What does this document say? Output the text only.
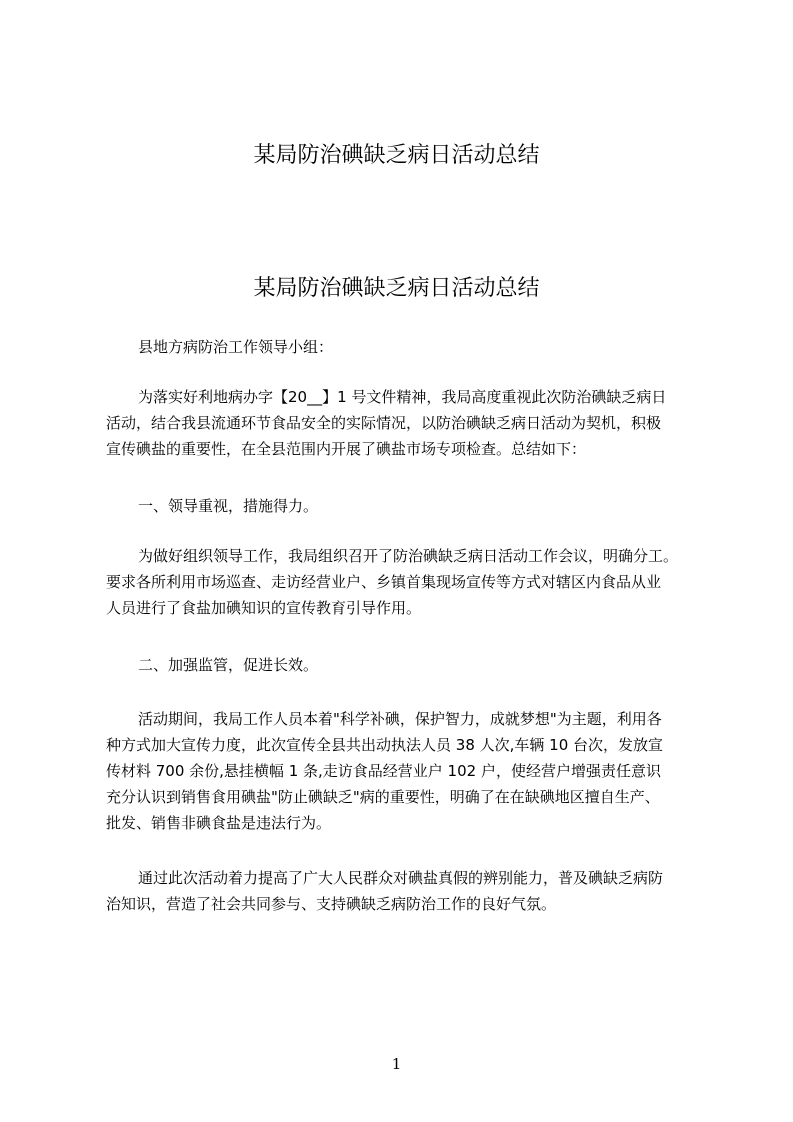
某局防治碘缺乏病日活动总结
某局防治碘缺乏病日活动总结
县地方病防治工作领导小组：
为落实好利地病办字【20__】1 号文件精神，我局高度重视此次防治碘缺乏病日
活动，结合我县流通环节食品安全的实际情况，以防治碘缺乏病日活动为契机，积极
宣传碘盐的重要性，在全县范围内开展了碘盐市场专项检查。总结如下：
一、领导重视，措施得力。
为做好组织领导工作，我局组织召开了防治碘缺乏病日活动工作会议，明确分工。
要求各所利用市场巡查、走访经营业户、乡镇首集现场宣传等方式对辖区内食品从业
人员进行了食盐加碘知识的宣传教育引导作用。
二、加强监管，促进长效。
活动期间，我局工作人员本着"科学补碘，保护智力，成就梦想"为主题，利用各
种方式加大宣传力度，此次宣传全县共出动执法人员 38 人次,车辆 10 台次，发放宣
传材料 700 余份,悬挂横幅 1 条,走访食品经营业户 102 户，使经营户增强责任意识
充分认识到销售食用碘盐"防止碘缺乏"病的重要性，明确了在在缺碘地区擅自生产、
批发、销售非碘食盐是违法行为。
通过此次活动着力提高了广大人民群众对碘盐真假的辨别能力，普及碘缺乏病防
治知识，营造了社会共同参与、支持碘缺乏病防治工作的良好气氛。
1
